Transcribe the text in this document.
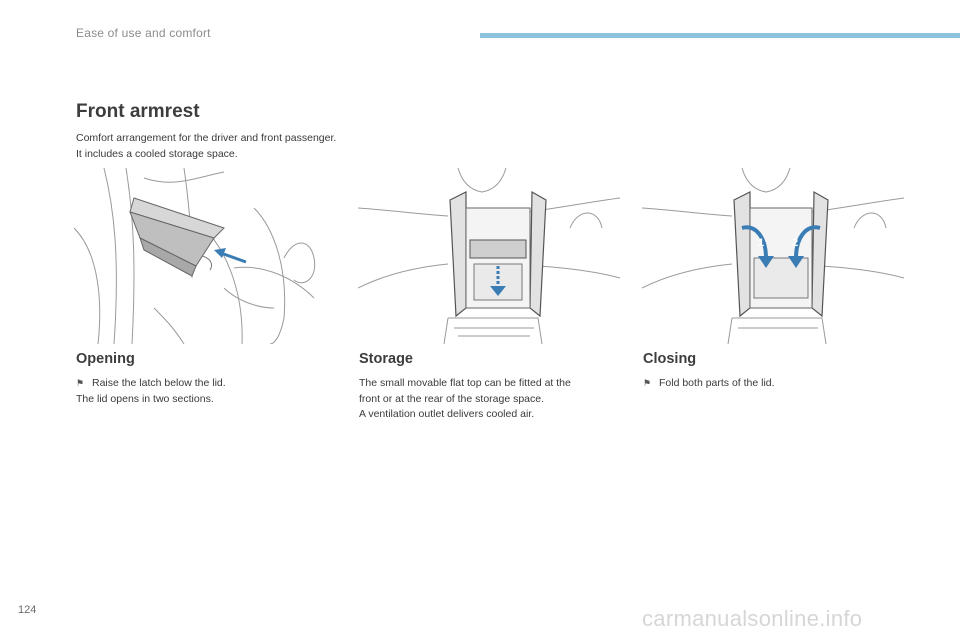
Ease of use and comfort
Front armrest
Comfort arrangement for the driver and front passenger.
It includes a cooled storage space.
1	2
Opening
⚑ Raise the latch below the lid.
The lid opens in two sections.
Storage
The small movable flat top can be fitted at the
front or at the rear of the storage space.
A ventilation outlet delivers cooled air.
Closing
⚑ Fold both parts of the lid.
124	carmanualsonline.info
